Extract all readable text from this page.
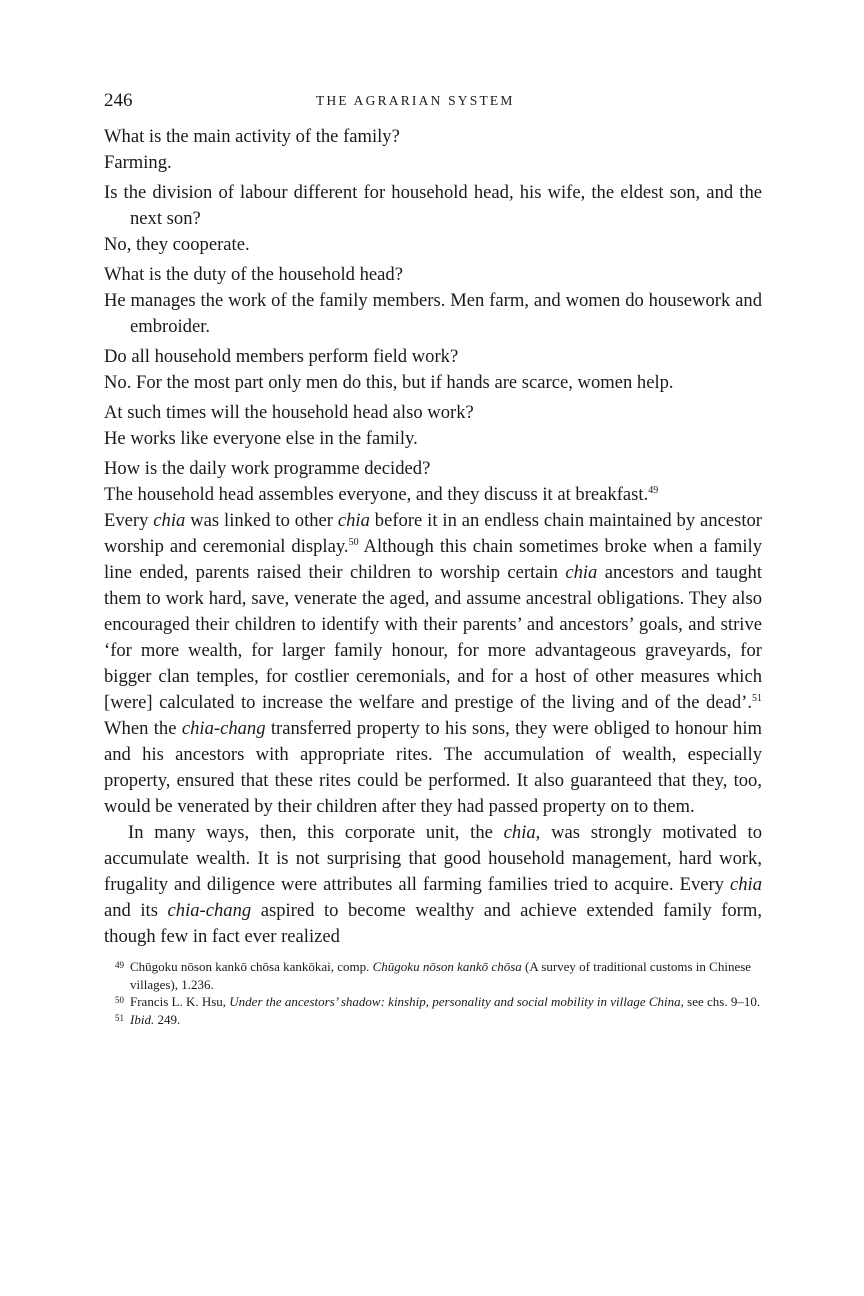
246	THE AGRARIAN SYSTEM
What is the main activity of the family?
Farming.
Is the division of labour different for household head, his wife, the eldest son, and the next son?
No, they cooperate.
What is the duty of the household head?
He manages the work of the family members. Men farm, and women do housework and embroider.
Do all household members perform field work?
No. For the most part only men do this, but if hands are scarce, women help.
At such times will the household head also work?
He works like everyone else in the family.
How is the daily work programme decided?
The household head assembles everyone, and they discuss it at breakfast.$^{49}$

Every chia was linked to other chia before it in an endless chain maintained by ancestor worship and ceremonial display.$^{50}$ Although this chain sometimes broke when a family line ended, parents raised their children to worship certain chia ancestors and taught them to work hard, save, venerate the aged, and assume ancestral obligations. They also encouraged their children to identify with their parents’ and ancestors’ goals, and strive ‘for more wealth, for larger family honour, for more advantageous graveyards, for bigger clan temples, for costlier ceremonials, and for a host of other measures which [were] calculated to increase the welfare and prestige of the living and of the dead’.$^{51}$ When the chia-chang transferred property to his sons, they were obliged to honour him and his ancestors with appropriate rites. The accumulation of wealth, especially property, ensured that these rites could be performed. It also guaranteed that they, too, would be venerated by their children after they had passed property on to them.

In many ways, then, this corporate unit, the chia, was strongly motivated to accumulate wealth. It is not surprising that good household management, hard work, frugality and diligence were attributes all farming families tried to acquire. Every chia and its chia-chang aspired to become wealthy and achieve extended family form, though few in fact ever realized

49 Chūgoku nōson kankō chōsa kankōkai, comp. Chūgoku nōson kankō chōsa (A survey of traditional customs in Chinese villages), 1.236.
50 Francis L. K. Hsu, Under the ancestors’ shadow: kinship, personality and social mobility in village China, see chs. 9–10.
51 Ibid. 249.
